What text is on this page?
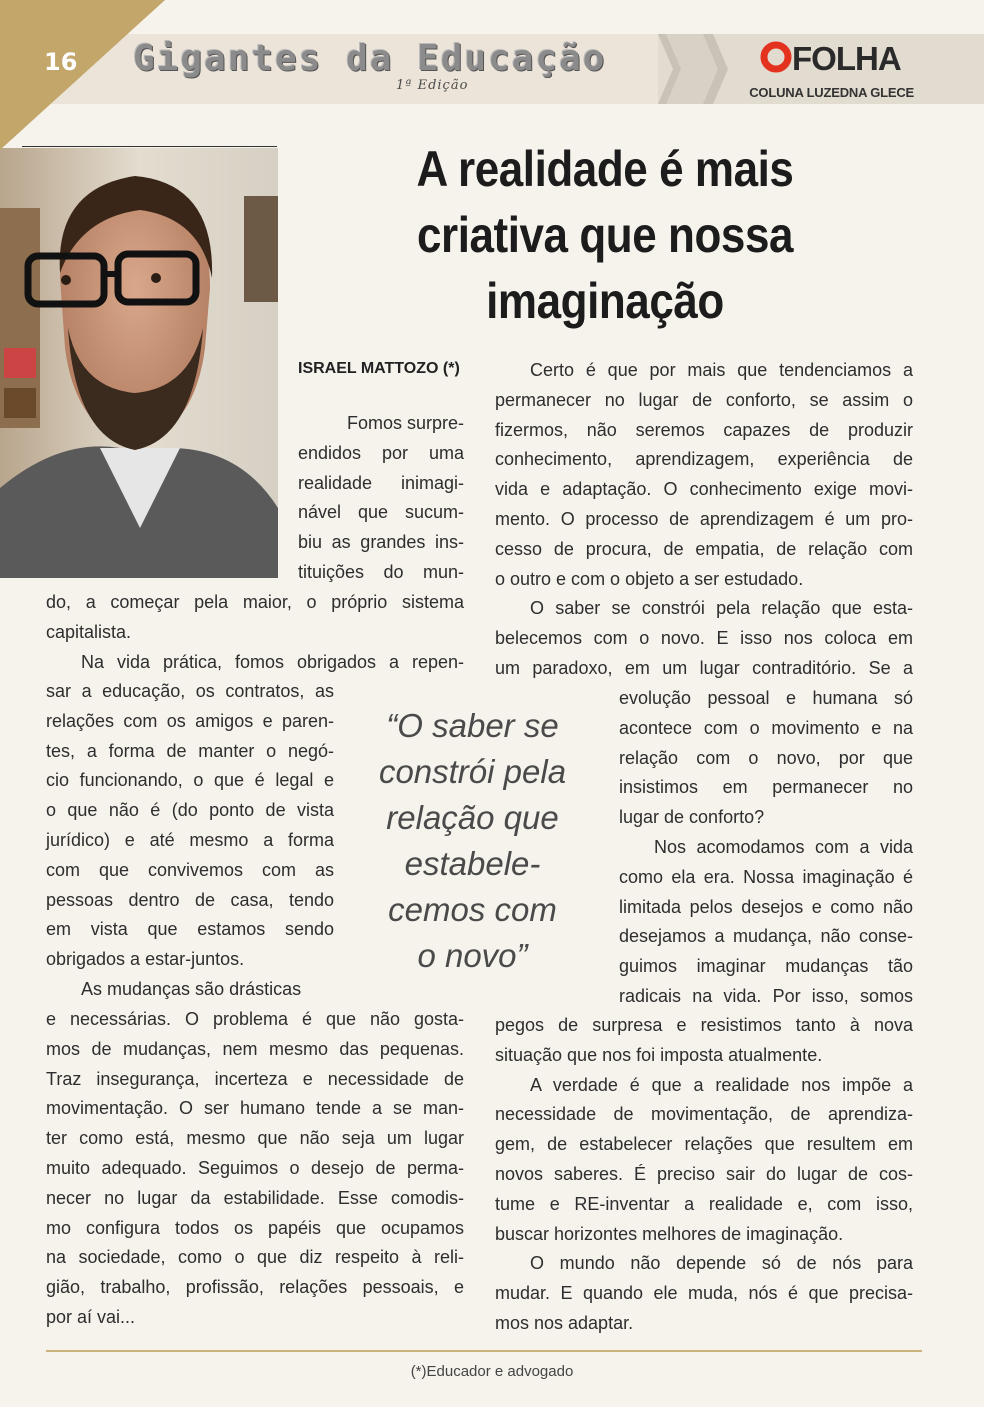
16 Gigantes da Educação
1ª Edição
FOLHA
COLUNA LUZEDNA GLECE
A realidade é mais
criativa que nossa
imaginação
ISRAEL MATTOZO (*)
Fomos surpre-
endidos por uma
realidade inimagi-
nável que sucum-
biu as grandes ins-
tituições do mun-
do, a começar pela maior, o próprio sistema
capitalista.
Na vida prática, fomos obrigados a repen-
sar a educação, os contratos, as
relações com os amigos e paren-
tes, a forma de manter o negó-
cio funcionando, o que é legal e
o que não é (do ponto de vista
jurídico) e até mesmo a forma
com que convivemos com as
pessoas dentro de casa, tendo
em vista que estamos sendo
obrigados a estar-juntos.
As mudanças são drásticas
e necessárias. O problema é que não gosta-
mos de mudanças, nem mesmo das pequenas.
Traz insegurança, incerteza e necessidade de
movimentação. O ser humano tende a se man-
ter como está, mesmo que não seja um lugar
muito adequado. Seguimos o desejo de perma-
necer no lugar da estabilidade. Esse comodis-
mo configura todos os papéis que ocupamos
na sociedade, como o que diz respeito à reli-
gião, trabalho, profissão, relações pessoais, e
por aí vai...
“O saber se
constrói pela
relação que
estabele-
cemos com
o novo”
Certo é que por mais que tendenciamos a
permanecer no lugar de conforto, se assim o
fizermos, não seremos capazes de produzir
conhecimento, aprendizagem, experiência de
vida e adaptação. O conhecimento exige movi-
mento. O processo de aprendizagem é um pro-
cesso de procura, de empatia, de relação com
o outro e com o objeto a ser estudado.
O saber se constrói pela relação que esta-
belecemos com o novo. E isso nos coloca em
um paradoxo, em um lugar contraditório. Se a
evolução pessoal e humana só
acontece com o movimento e na
relação com o novo, por que
insistimos em permanecer no
lugar de conforto?
Nos acomodamos com a vida
como ela era. Nossa imaginação é
limitada pelos desejos e como não
desejamos a mudança, não conse-
guimos imaginar mudanças tão
radicais na vida. Por isso, somos
pegos de surpresa e resistimos tanto à nova
situação que nos foi imposta atualmente.
A verdade é que a realidade nos impõe a
necessidade de movimentação, de aprendiza-
gem, de estabelecer relações que resultem em
novos saberes. É preciso sair do lugar de cos-
tume e RE-inventar a realidade e, com isso,
buscar horizontes melhores de imaginação.
O mundo não depende só de nós para
mudar. E quando ele muda, nós é que precisa-
mos nos adaptar.
(*)Educador e advogado
